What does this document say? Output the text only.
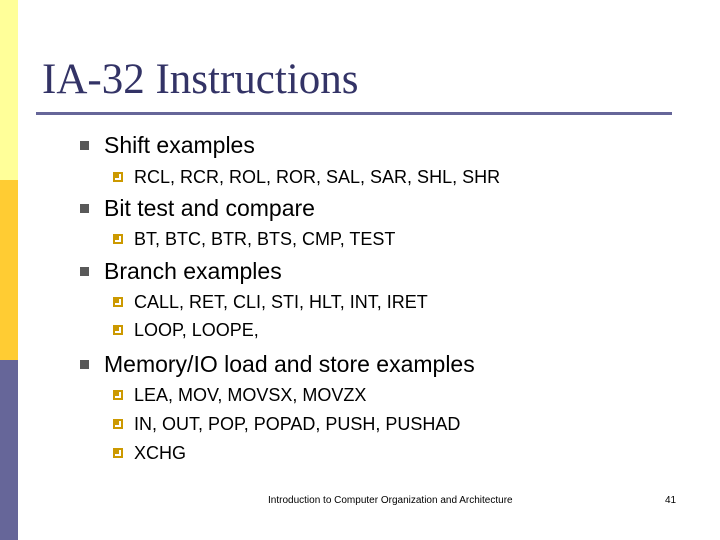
IA-32 Instructions
Shift examples
RCL, RCR, ROL, ROR, SAL, SAR, SHL, SHR
Bit test and compare
BT, BTC, BTR, BTS, CMP, TEST
Branch examples
CALL, RET, CLI, STI, HLT, INT, IRET
LOOP, LOOPE,
Memory/IO load and store examples
LEA, MOV, MOVSX, MOVZX
IN, OUT, POP, POPAD, PUSH, PUSHAD
XCHG
Introduction to Computer Organization and Architecture	41
